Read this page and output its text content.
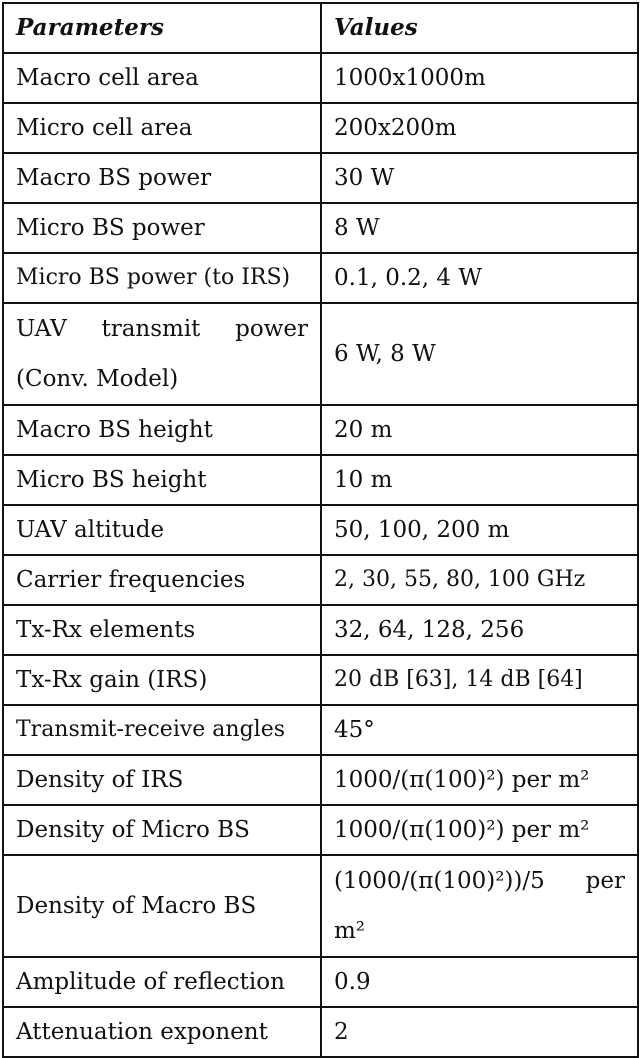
Parameters	Values
Macro cell area	1000x1000m
Micro cell area	200x200m
Macro BS power	30 W
Micro BS power	8 W
Micro BS power (to IRS)	0.1, 0.2, 4 W
UAV transmit power (Conv. Model)	6 W, 8 W
Macro BS height	20 m
Micro BS height	10 m
UAV altitude	50, 100, 200 m
Carrier frequencies	2, 30, 55, 80, 100 GHz
Tx-Rx elements	32, 64, 128, 256
Tx-Rx gain (IRS)	20 dB [63], 14 dB [64]
Transmit-receive angles	45°
Density of IRS	1000/(π(100)²) per m²
Density of Micro BS	1000/(π(100)²) per m²
Density of Macro BS	(1000/(π(100)²))/5 per m²
Amplitude of reflection	0.9
Attenuation exponent	2
